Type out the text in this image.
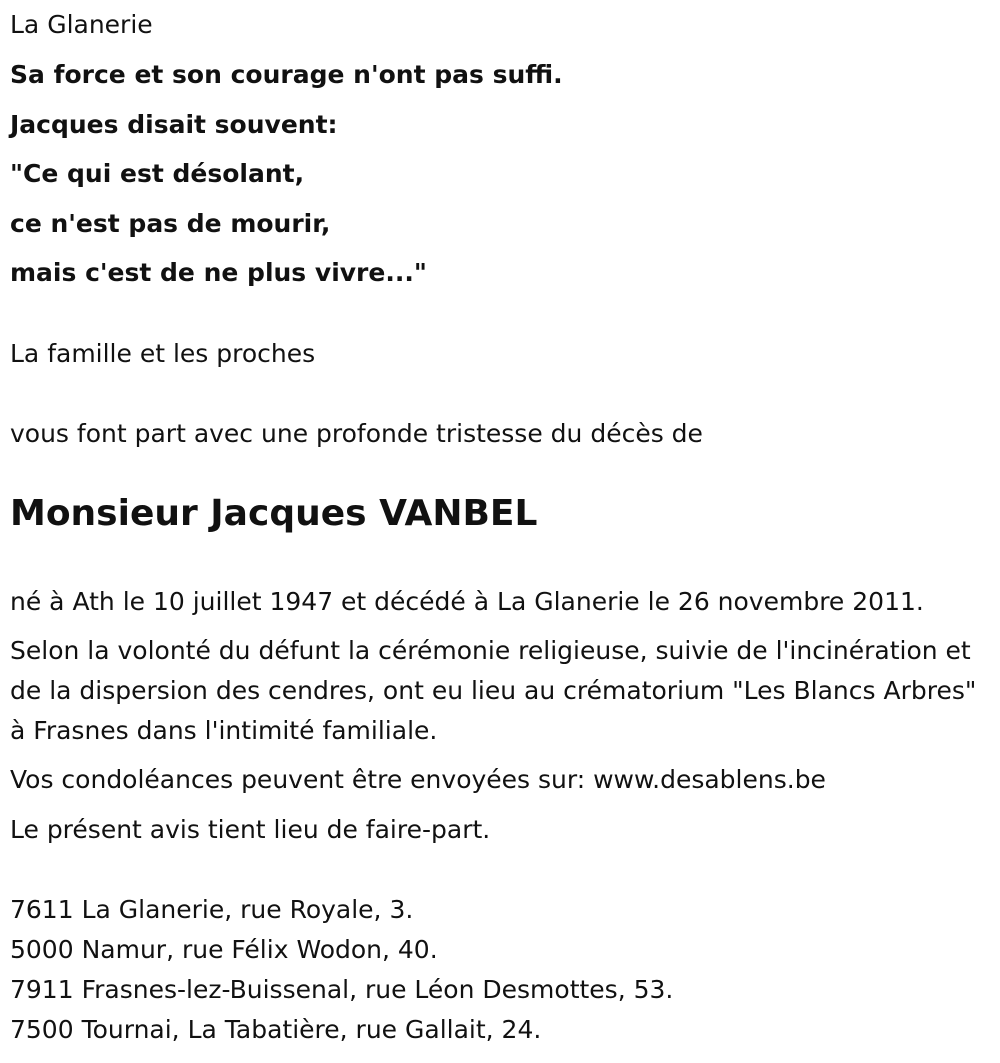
La Glanerie

Sa force et son courage n'ont pas suffi.

Jacques disait souvent:

"Ce qui est désolant,

ce n'est pas de mourir,

mais c'est de ne plus vivre..."

La famille et les proches

vous font part avec une profonde tristesse du décès de

Monsieur Jacques VANBEL

né à Ath le 10 juillet 1947 et décédé à La Glanerie le 26 novembre 2011.

Selon la volonté du défunt la cérémonie religieuse, suivie de l'incinération et de la dispersion des cendres, ont eu lieu au crématorium "Les Blancs Arbres" à Frasnes dans l'intimité familiale.

Vos condoléances peuvent être envoyées sur: www.desablens.be

Le présent avis tient lieu de faire-part.

7611 La Glanerie, rue Royale, 3.

5000 Namur, rue Félix Wodon, 40.

7911 Frasnes-lez-Buissenal, rue Léon Desmottes, 53.

7500 Tournai, La Tabatière, rue Gallait, 24.
